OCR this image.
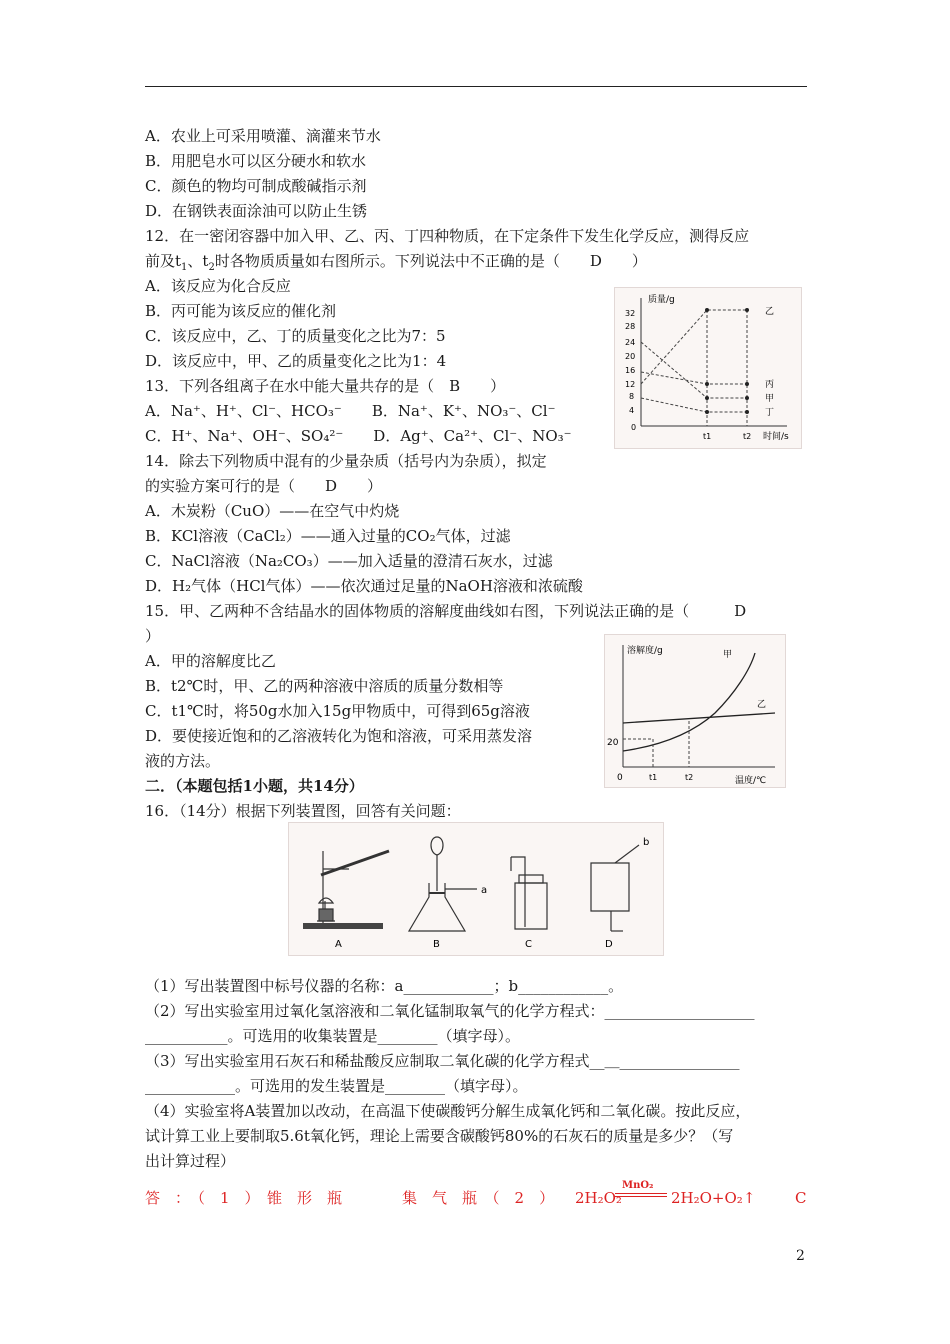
A．农业上可采用喷灌、滴灌来节水
B．用肥皂水可以区分硬水和软水
C．颜色的物均可制成酸碱指示剂
D．在钢铁表面涂油可以防止生锈
12．在一密闭容器中加入甲、乙、丙、丁四种物质，在下定条件下发生化学反应，测得反应
前及$t_1$、$t_2$时各物质质量如右图所示。下列说法中不正确的是（　　D　　）
A．该反应为化合反应
B．丙可能为该反应的催化剂
C．该反应中，乙、丁的质量变化之比为7：5
D．该反应中，甲、乙的质量变化之比为1：4
质量/g
时间/s
32
28
24
20
16
12
8
4
0
t1	t2
乙
丙
甲
丁
13．下列各组离子在水中能大量共存的是（　B　　）
A．Na⁺、H⁺、Cl⁻、HCO₃⁻　　 B．Na⁺、K⁺、NO₃⁻、Cl⁻
C．H⁺、Na⁺、OH⁻、SO₄²⁻　　 D．Ag⁺、Ca²⁺、Cl⁻、NO₃⁻
14．除去下列物质中混有的少量杂质（括号内为杂质），拟定
的实验方案可行的是（　　D　　）
A．木炭粉（CuO）——在空气中灼烧
B．KCl溶液（CaCl₂）——通入过量的CO₂气体，过滤
C．NaCl溶液（Na₂CO₃）——加入适量的澄清石灰水，过滤
D．H₂气体（HCl气体）——依次通过足量的NaOH溶液和浓硫酸
15．甲、乙两种不含结晶水的固体物质的溶解度曲线如右图，下列说法正确的是（　　　D
）
A．甲的溶解度比乙
B．t2℃时，甲、乙的两种溶液中溶质的质量分数相等
C．t1℃时，将50g水加入15g甲物质中，可得到65g溶液
D．要使接近饱和的乙溶液转化为饱和溶液，可采用蒸发溶
液的方法。
溶解度/g
温度/℃
20
0	t1	t2
甲
乙
二．（本题包括1小题，共14分）
16．（14分）根据下列装置图，回答有关问题：
A	B	C	D
a
b
（1）写出装置图中标号仪器的名称：a____________；b____________。
（2）写出实验室用过氧化氢溶液和二氧化锰制取氧气的化学方程式：____________________
___________。可选用的收集装置是________（填字母）。
（3）写出实验室用石灰石和稀盐酸反应制取二氧化碳的化学方程式__＿________________
____________。可选用的发生装置是________（填字母）。
（4）实验室将A装置加以改动，在高温下使碳酸钙分解生成氧化钙和二氧化碳。按此反应，
试计算工业上要制取5.6t氧化钙，理论上需要含碳酸钙80%的石灰石的质量是多少？（写
出计算过程）
答　：　（　1　）　锥　形　瓶　　　　集　气　瓶　（　2　） 2H₂O₂
MnO₂
2H₂O+O₂↑	C
2
